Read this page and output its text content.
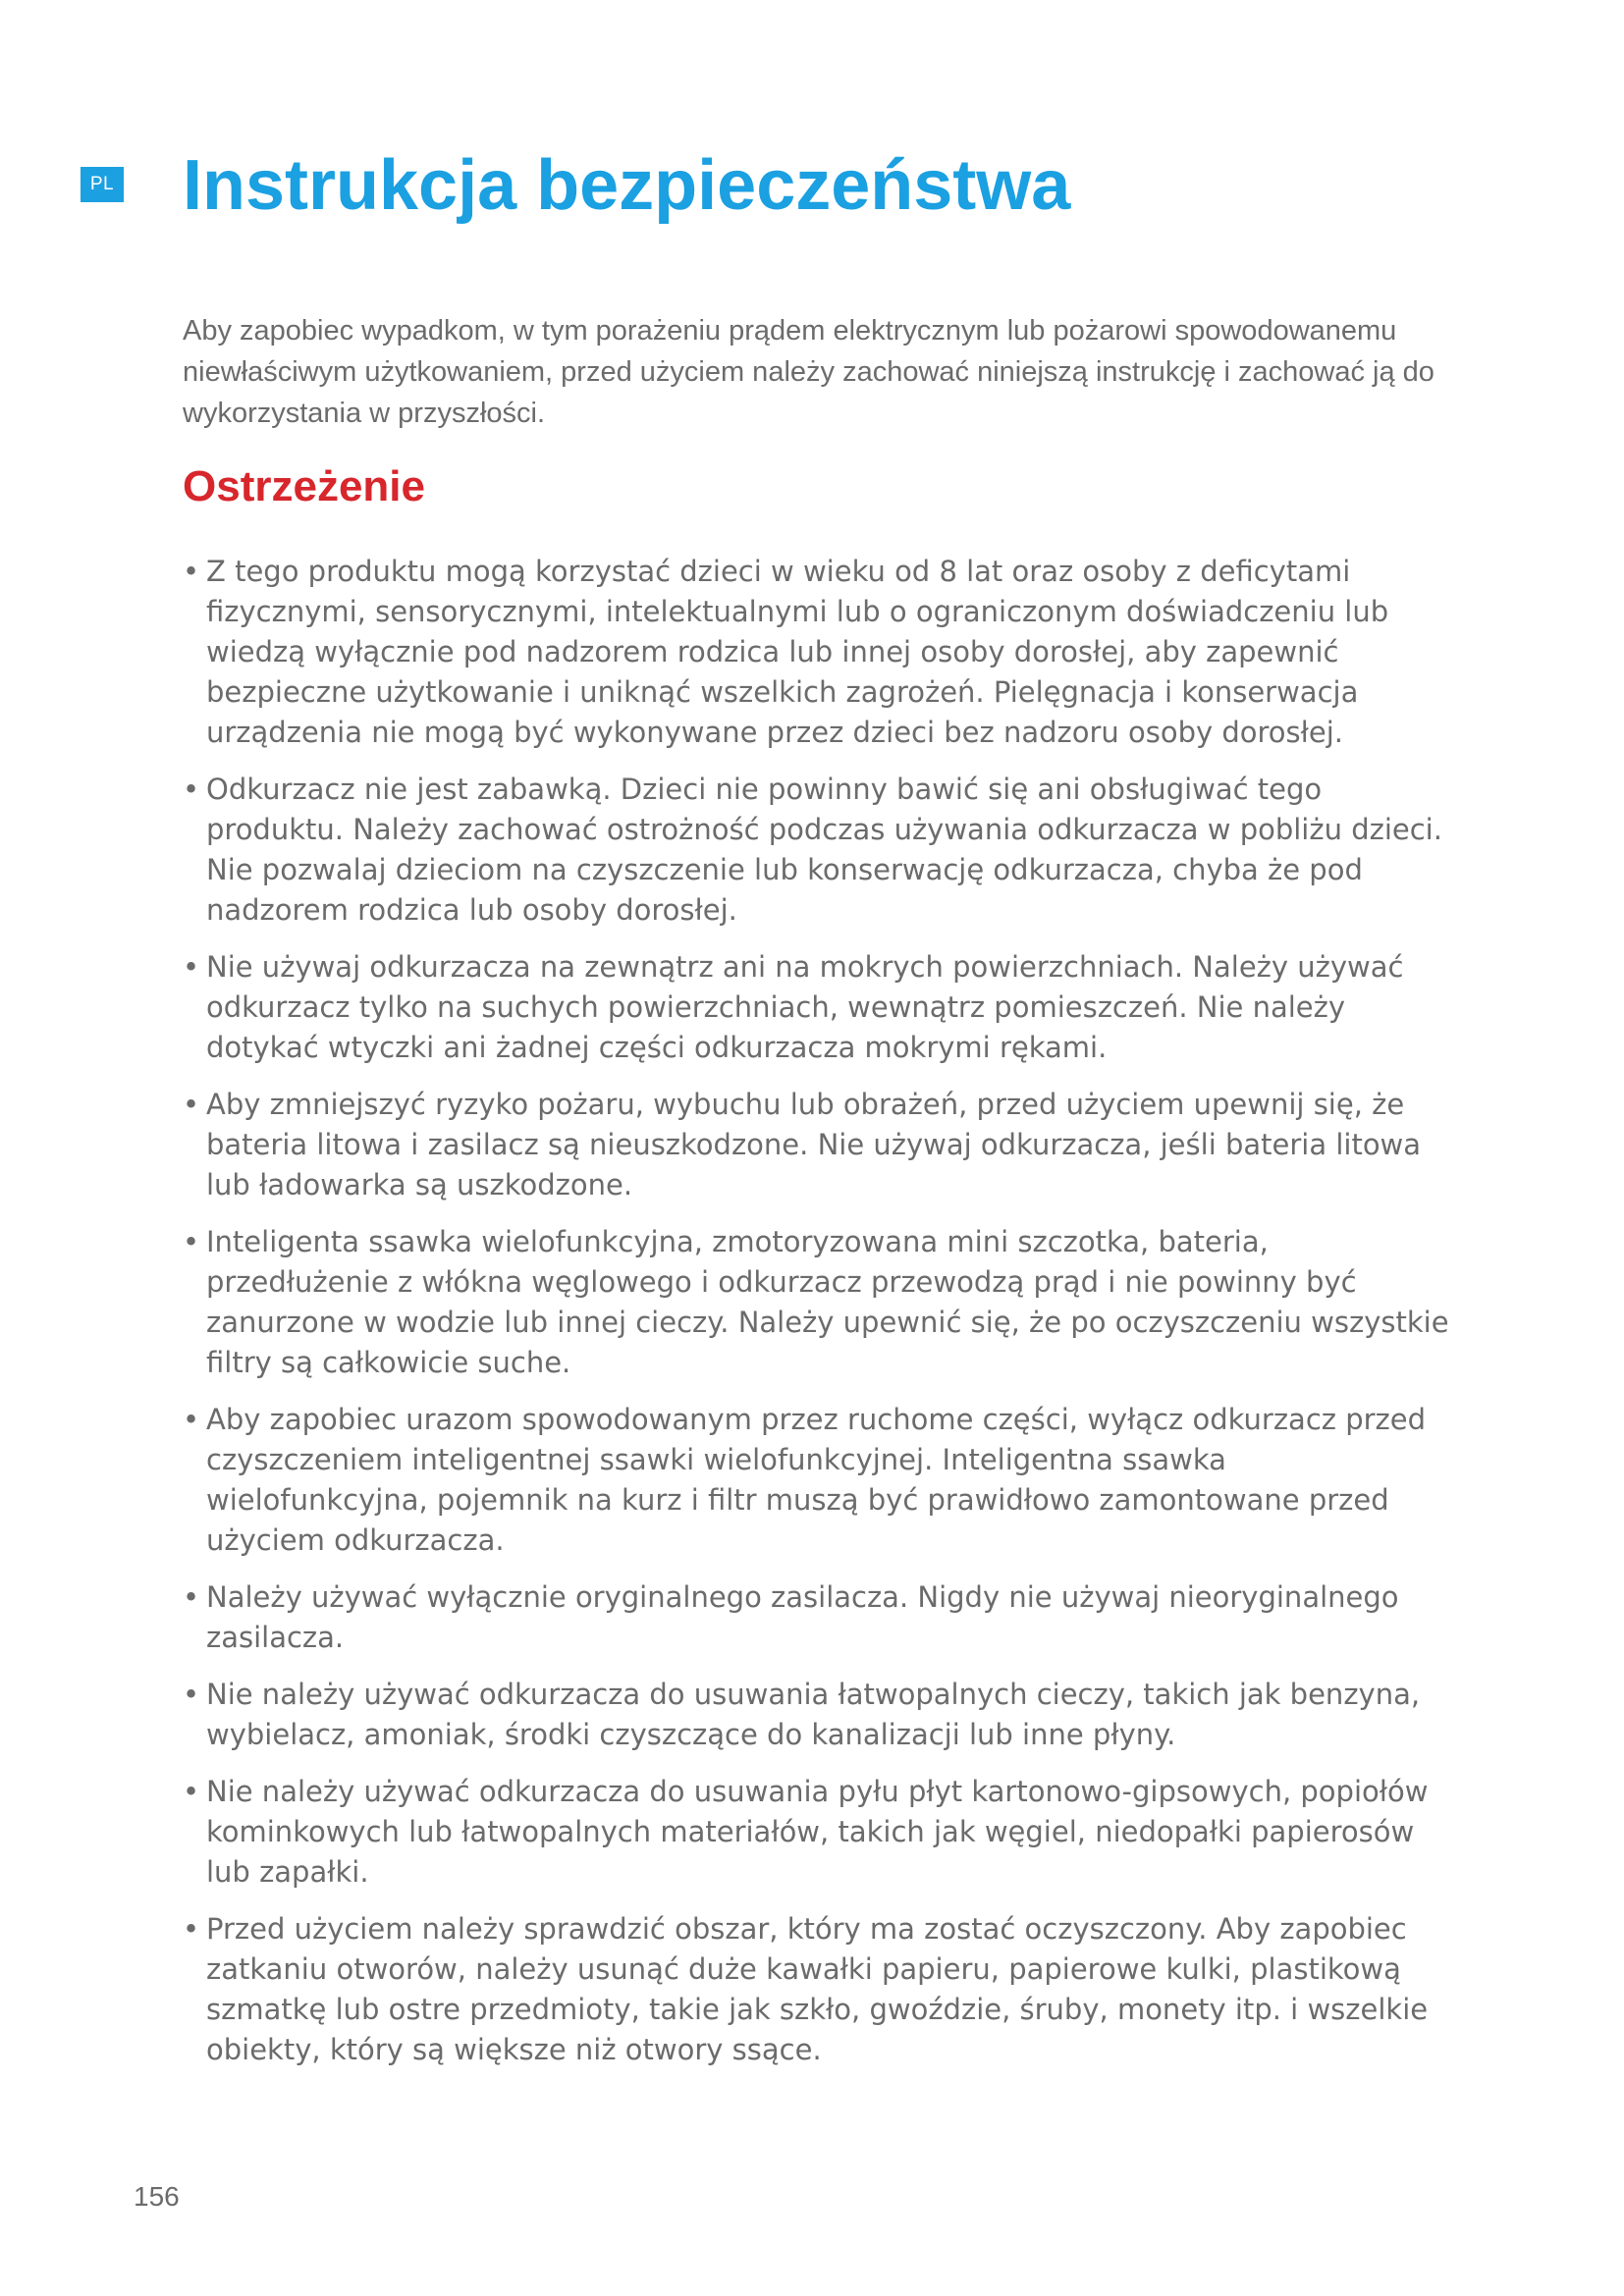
PL Instrukcja bezpieczeństwa

Aby zapobiec wypadkom, w tym porażeniu prądem elektrycznym lub pożarowi spowodowanemu niewłaściwym użytkowaniem, przed użyciem należy zachować niniejszą instrukcję i zachować ją do wykorzystania w przyszłości.

Ostrzeżenie
• Z tego produktu mogą korzystać dzieci w wieku od 8 lat oraz osoby z deficytami fizycznymi, sensorycznymi, intelektualnymi lub o ograniczonym doświadczeniu lub wiedzą wyłącznie pod nadzorem rodzica lub innej osoby dorosłej, aby zapewnić bezpieczne użytkowanie i uniknąć wszelkich zagrożeń. Pielęgnacja i konserwacja urządzenia nie mogą być wykonywane przez dzieci bez nadzoru osoby dorosłej.
• Odkurzacz nie jest zabawką. Dzieci nie powinny bawić się ani obsługiwać tego produktu. Należy zachować ostrożność podczas używania odkurzacza w pobliżu dzieci. Nie pozwalaj dzieciom na czyszczenie lub konserwację odkurzacza, chyba że pod nadzorem rodzica lub osoby dorosłej.
• Nie używaj odkurzacza na zewnątrz ani na mokrych powierzchniach. Należy używać odkurzacz tylko na suchych powierzchniach, wewnątrz pomieszczeń. Nie należy dotykać wtyczki ani żadnej części odkurzacza mokrymi rękami.
• Aby zmniejszyć ryzyko pożaru, wybuchu lub obrażeń, przed użyciem upewnij się, że bateria litowa i zasilacz są nieuszkodzone. Nie używaj odkurzacza, jeśli bateria litowa lub ładowarka są uszkodzone.
• Inteligenta ssawka wielofunkcyjna, zmotoryzowana mini szczotka, bateria, przedłużenie z włókna węglowego i odkurzacz przewodzą prąd i nie powinny być zanurzone w wodzie lub innej cieczy. Należy upewnić się, że po oczyszczeniu wszystkie filtry są całkowicie suche.
• Aby zapobiec urazom spowodowanym przez ruchome części, wyłącz odkurzacz przed czyszczeniem inteligentnej ssawki wielofunkcyjnej. Inteligentna ssawka wielofunkcyjna, pojemnik na kurz i filtr muszą być prawidłowo zamontowane przed użyciem odkurzacza.
• Należy używać wyłącznie oryginalnego zasilacza. Nigdy nie używaj nieoryginalnego zasilacza.
• Nie należy używać odkurzacza do usuwania łatwopalnych cieczy, takich jak benzyna, wybielacz, amoniak, środki czyszczące do kanalizacji lub inne płyny.
• Nie należy używać odkurzacza do usuwania pyłu płyt kartonowo-gipsowych, popiołów kominkowych lub łatwopalnych materiałów, takich jak węgiel, niedopałki papierosów lub zapałki.
• Przed użyciem należy sprawdzić obszar, który ma zostać oczyszczony. Aby zapobiec zatkaniu otworów, należy usunąć duże kawałki papieru, papierowe kulki, plastikową szmatkę lub ostre przedmioty, takie jak szkło, gwoździe, śruby, monety itp. i wszelkie obiekty, który są większe niż otwory ssące.
156
